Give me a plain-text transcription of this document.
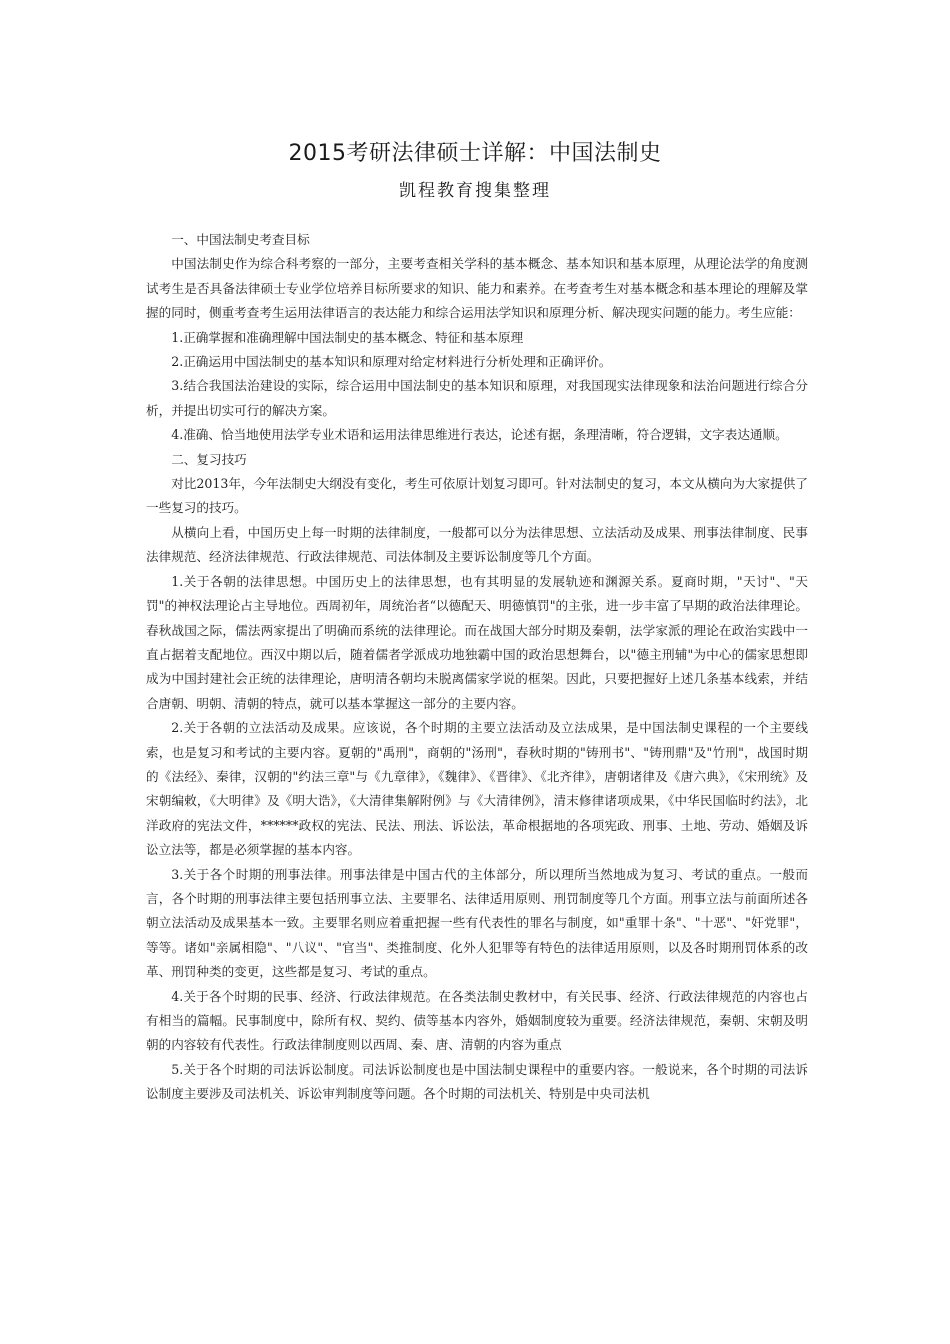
2015考研法律硕士详解：中国法制史
凯程教育搜集整理

一、中国法制史考查目标

中国法制史作为综合科考察的一部分，主要考查相关学科的基本概念、基本知识和基本原理，从理论法学的角度测试考生是否具备法律硕士专业学位培养目标所要求的知识、能力和素养。在考查考生对基本概念和基本理论的理解及掌握的同时，侧重考查考生运用法律语言的表达能力和综合运用法学知识和原理分析、解决现实问题的能力。考生应能：

1.正确掌握和准确理解中国法制史的基本概念、特征和基本原理

2.正确运用中国法制史的基本知识和原理对给定材料进行分析处理和正确评价。

3.结合我国法治建设的实际，综合运用中国法制史的基本知识和原理，对我国现实法律现象和法治问题进行综合分析，并提出切实可行的解决方案。

4.准确、恰当地使用法学专业术语和运用法律思维进行表达，论述有据，条理清晰，符合逻辑，文字表达通顺。

二、复习技巧

对比2013年，今年法制史大纲没有变化，考生可依原计划复习即可。针对法制史的复习，本文从横向为大家提供了一些复习的技巧。

从横向上看，中国历史上每一时期的法律制度，一般都可以分为法律思想、立法活动及成果、刑事法律制度、民事法律规范、经济法律规范、行政法律规范、司法体制及主要诉讼制度等几个方面。

1.关于各朝的法律思想。中国历史上的法律思想，也有其明显的发展轨迹和渊源关系。夏商时期，"天讨"、"天罚"的神权法理论占主导地位。西周初年，周统治者“以德配天、明德慎罚"的主张，进一步丰富了早期的政治法律理论。春秋战国之际，儒法两家提出了明确而系统的法律理论。而在战国大部分时期及秦朝，法学家派的理论在政治实践中一直占据着支配地位。西汉中期以后，随着儒者学派成功地独霸中国的政治思想舞台，以"德主刑辅"为中心的儒家思想即成为中国封建社会正统的法律理论，唐明清各朝均未脱离儒家学说的框架。因此，只要把握好上述几条基本线索，并结合唐朝、明朝、清朝的特点，就可以基本掌握这一部分的主要内容。

2.关于各朝的立法活动及成果。应该说，各个时期的主要立法活动及立法成果，是中国法制史课程的一个主要线索，也是复习和考试的主要内容。夏朝的"禹刑"，商朝的"汤刑"，春秋时期的"铸刑书"、"铸刑鼎"及"竹刑"，战国时期的《法经》、秦律，汉朝的"约法三章"与《九章律》，《魏律》、《晋律》、《北齐律》，唐朝诸律及《唐六典》，《宋刑统》及宋朝编敕，《大明律》及《明大诰》，《大清律集解附例》与《大清律例》，清末修律诸项成果，《中华民国临时约法》，北洋政府的宪法文件，******政权的宪法、民法、刑法、诉讼法，革命根据地的各项宪政、刑事、土地、劳动、婚姻及诉讼立法等，都是必须掌握的基本内容。

3.关于各个时期的刑事法律。刑事法律是中国古代的主体部分，所以理所当然地成为复习、考试的重点。一般而言，各个时期的刑事法律主要包括刑事立法、主要罪名、法律适用原则、刑罚制度等几个方面。刑事立法与前面所述各朝立法活动及成果基本一致。主要罪名则应着重把握一些有代表性的罪名与制度，如"重罪十条"、"十恶"、"奸党罪"，等等。诸如"亲属相隐"、"八议"、"官当"、类推制度、化外人犯罪等有特色的法律适用原则，以及各时期刑罚体系的改革、刑罚种类的变更，这些都是复习、考试的重点。

4.关于各个时期的民事、经济、行政法律规范。在各类法制史教材中，有关民事、经济、行政法律规范的内容也占有相当的篇幅。民事制度中，除所有权、契约、债等基本内容外，婚姻制度较为重要。经济法律规范，秦朝、宋朝及明朝的内容较有代表性。行政法律制度则以西周、秦、唐、清朝的内容为重点

5.关于各个时期的司法诉讼制度。司法诉讼制度也是中国法制史课程中的重要内容。一般说来，各个时期的司法诉讼制度主要涉及司法机关、诉讼审判制度等问题。各个时期的司法机关、特别是中央司法机
